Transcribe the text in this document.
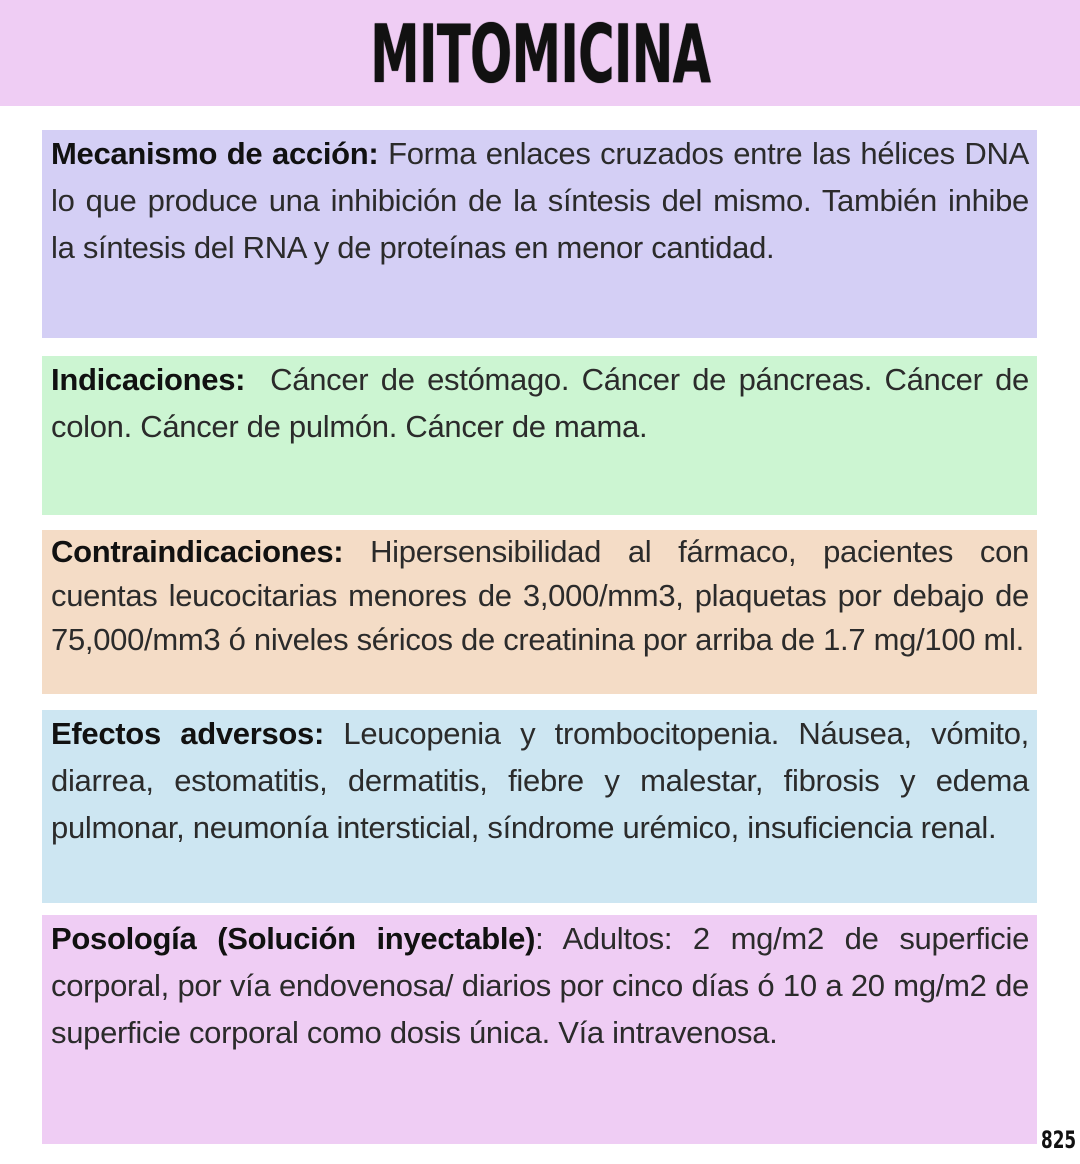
MITOMICINA
Mecanismo de acción: Forma enlaces cruzados entre las hélices DNA lo que produce una inhibición de la síntesis del mismo. También inhibe la síntesis del RNA y de proteínas en menor cantidad.
Indicaciones:  Cáncer de estómago. Cáncer de páncreas. Cáncer de colon. Cáncer de pulmón. Cáncer de mama.
Contraindicaciones: Hipersensibilidad al fármaco, pacientes con cuentas leucocitarias menores de 3,000/mm3, plaquetas por debajo de 75,000/mm3 ó niveles séricos de creatinina por arriba de 1.7 mg/100 ml.
Efectos adversos: Leucopenia y trombocitopenia. Náusea, vómito, diarrea, estomatitis, dermatitis, fiebre y malestar, fibrosis y edema pulmonar, neumonía intersticial, síndrome urémico, insuficiencia renal.
Posología (Solución inyectable): Adultos: 2 mg/m2 de superficie corporal, por vía endovenosa/ diarios por cinco días ó 10 a 20 mg/m2 de superficie corporal como dosis única. Vía intravenosa.
825
